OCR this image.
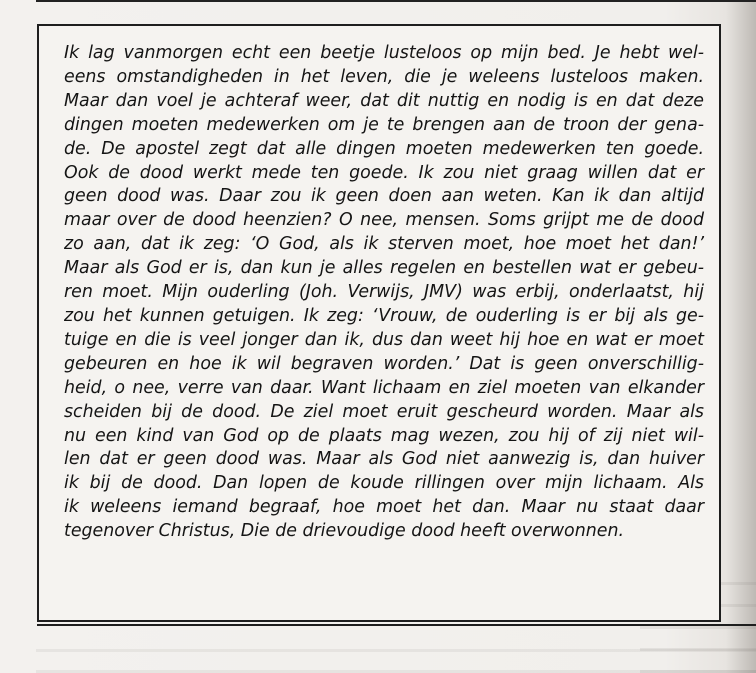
Ik lag vanmorgen echt een beetje lusteloos op mijn bed. Je hebt wel-
eens omstandigheden in het leven, die je weleens lusteloos maken.
Maar dan voel je achteraf weer, dat dit nuttig en nodig is en dat deze
dingen moeten medewerken om je te brengen aan de troon der gena-
de. De apostel zegt dat alle dingen moeten medewerken ten goede.
Ook de dood werkt mede ten goede. Ik zou niet graag willen dat er
geen dood was. Daar zou ik geen doen aan weten. Kan ik dan altijd
maar over de dood heenzien? O nee, mensen. Soms grijpt me de dood
zo aan, dat ik zeg: ‘O God, als ik sterven moet, hoe moet het dan!’
Maar als God er is, dan kun je alles regelen en bestellen wat er gebeu-
ren moet. Mijn ouderling (Joh. Verwijs, JMV) was erbij, onderlaatst, hij
zou het kunnen getuigen. Ik zeg: ‘Vrouw, de ouderling is er bij als ge-
tuige en die is veel jonger dan ik, dus dan weet hij hoe en wat er moet
gebeuren en hoe ik wil begraven worden.’ Dat is geen onverschillig-
heid, o nee, verre van daar. Want lichaam en ziel moeten van elkander
scheiden bij de dood. De ziel moet eruit gescheurd worden. Maar als
nu een kind van God op de plaats mag wezen, zou hij of zij niet wil-
len dat er geen dood was. Maar als God niet aanwezig is, dan huiver
ik bij de dood. Dan lopen de koude rillingen over mijn lichaam. Als
ik weleens iemand begraaf, hoe moet het dan. Maar nu staat daar
tegenover Christus, Die de drievoudige dood heeft overwonnen.
